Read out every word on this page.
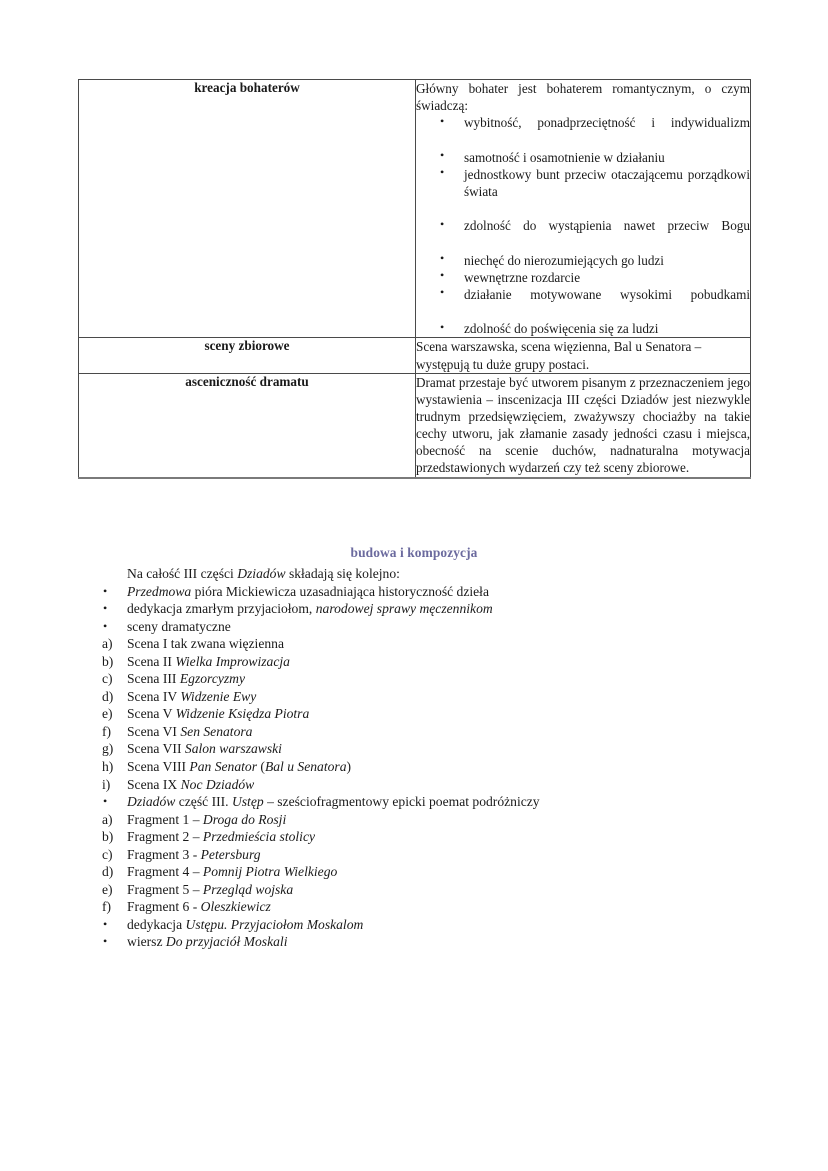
kreacja bohaterów	Główny bohater jest bohaterem romantycznym, o czym świadczą:

• wybitność, ponadprzeciętność i indywidualizm
• samotność i osamotnienie w działaniu
• jednostkowy bunt przeciw otaczającemu porządkowi świata
• zdolność do wystąpienia nawet przeciw Bogu
• niechęć do nierozumiejących go ludzi
• wewnętrzne rozdarcie
• działanie motywowane wysokimi pobudkami
• zdolność do poświęcenia się za ludzi

sceny zbiorowe	Scena warszawska, scena więzienna, Bal u Senatora – występują tu duże grupy postaci.

asceniczność dramatu	Dramat przestaje być utworem pisanym z przeznaczeniem jego wystawienia – inscenizacja III części Dziadów jest niezwykle trudnym przedsięwzięciem, zważywszy chociażby na takie cechy utworu, jak złamanie zasady jedności czasu i miejsca, obecność na scenie duchów, nadnaturalna motywacja przedstawionych wydarzeń czy też sceny zbiorowe.

budowa i kompozycja
Na całość III części Dziadów składają się kolejno:
•	Przedmowa pióra Mickiewicza uzasadniająca historyczność dzieła
•	dedykacja zmarłym przyjaciołom, narodowej sprawy męczennikom
•	sceny dramatyczne
a)	Scena I tak zwana więzienna
b)	Scena II Wielka Improwizacja
c)	Scena III Egzorcyzmy
d)	Scena IV Widzenie Ewy
e)	Scena V Widzenie Księdza Piotra
f)	Scena VI Sen Senatora
g)	Scena VII Salon warszawski
h)	Scena VIII Pan Senator (Bal u Senatora)
i)	Scena IX Noc Dziadów
•	Dziadów część III. Ustęp – sześciofragmentowy epicki poemat podróżniczy
a)	Fragment 1 – Droga do Rosji
b)	Fragment 2 – Przedmieścia stolicy
c)	Fragment 3 - Petersburg
d)	Fragment 4 – Pomnij Piotra Wielkiego
e)	Fragment 5 – Przegląd wojska
f)	Fragment 6 - Oleszkiewicz
•	dedykacja Ustępu. Przyjaciołom Moskalom
•	wiersz Do przyjaciół Moskali
